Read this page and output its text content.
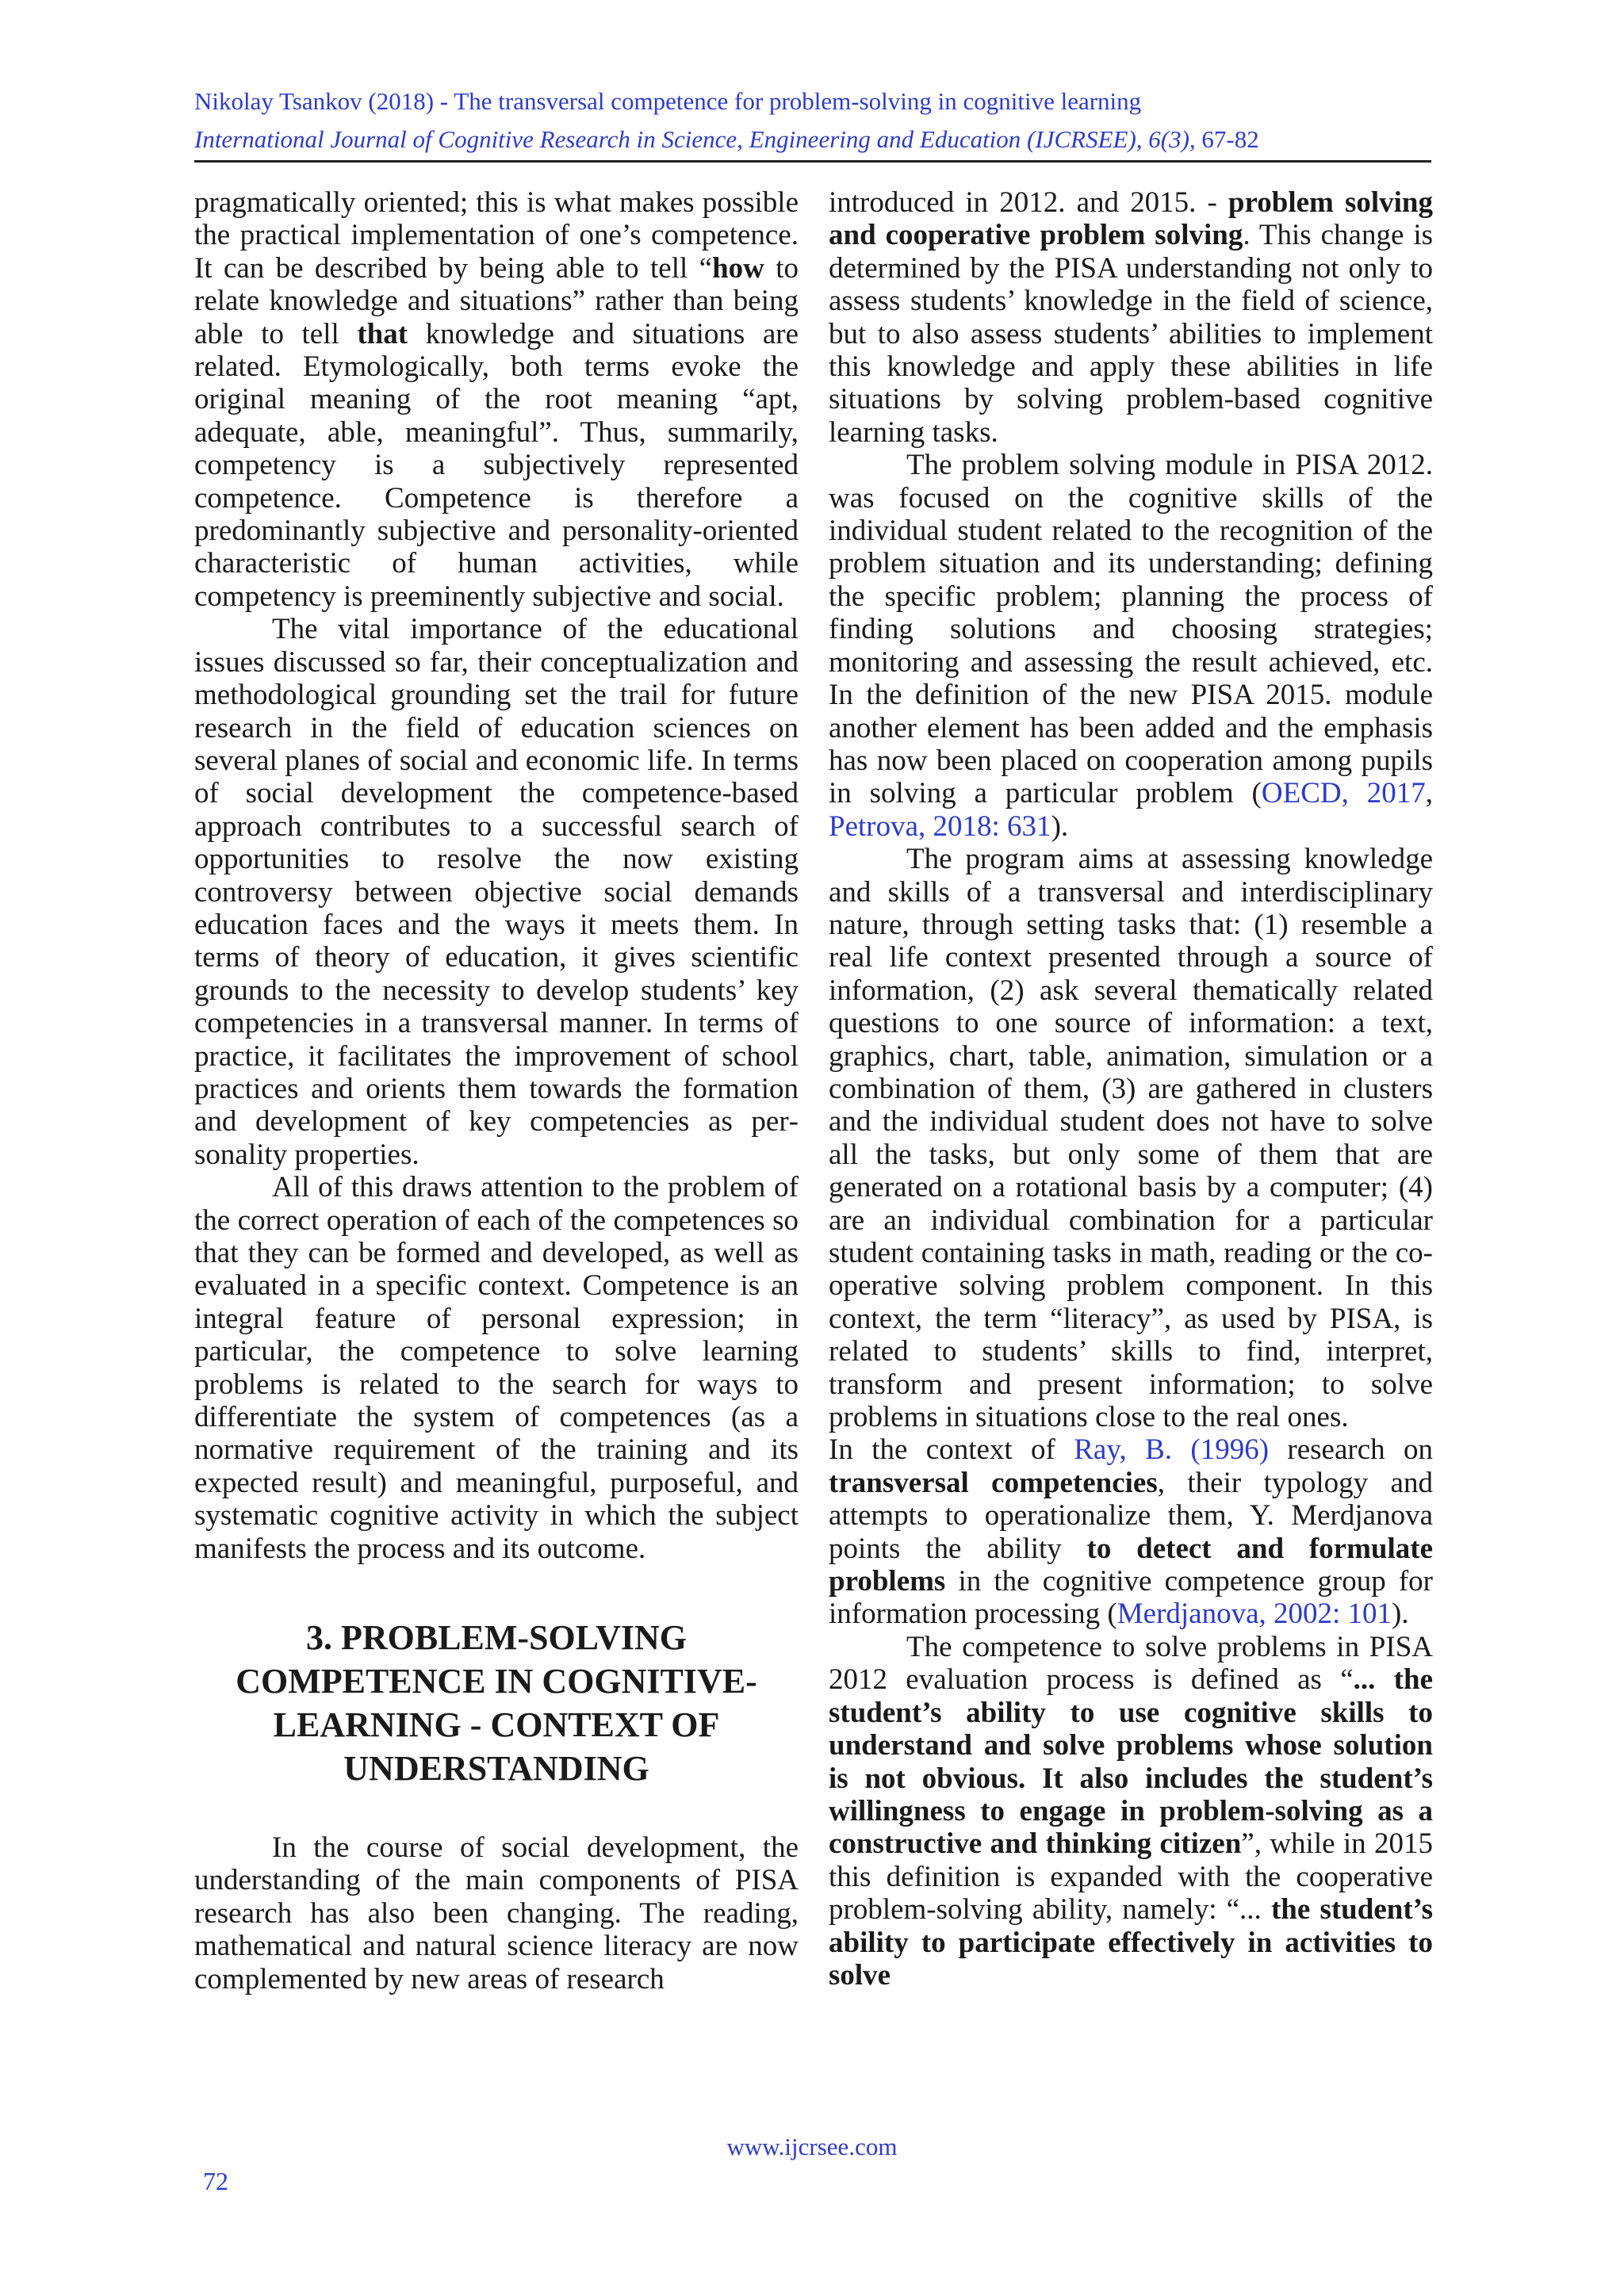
Nikolay Tsankov (2018) - The transversal competence for problem-solving in cognitive learning
International Journal of Cognitive Research in Science, Engineering and Education (IJCRSEE), 6(3), 67-82

pragmatically oriented; this is what makes possible the practical implementation of one’s competence. It can be described by being able to tell “how to relate knowledge and situations” rather than being able to tell that knowledge and situations are related. Etymologically, both terms evoke the original meaning of the root meaning “apt, adequate, able, meaningful”. Thus, summarily, competency is a subjectively represented competence. Competence is therefore a predominantly subjective and personality-oriented characteristic of human activities, while competency is preeminently subjective and social.

The vital importance of the educational issues discussed so far, their conceptualization and methodological grounding set the trail for future research in the field of education sciences on several planes of social and economic life. In terms of social development the competence-based approach contributes to a successful search of opportunities to resolve the now existing controversy between objective social demands education faces and the ways it meets them. In terms of theory of education, it gives scientific grounds to the necessity to develop students’ key competencies in a transversal manner. In terms of practice, it facilitates the improvement of school practices and orients them towards the formation and development of key competencies as personality properties.

All of this draws attention to the problem of the correct operation of each of the competences so that they can be formed and developed, as well as evaluated in a specific context. Competence is an integral feature of personal expression; in particular, the competence to solve learning problems is related to the search for ways to differentiate the system of competences (as a normative requirement of the training and its expected result) and meaningful, purposeful, and systematic cognitive activity in which the subject manifests the process and its outcome.

3. PROBLEM-SOLVING COMPETENCE IN COGNITIVE-LEARNING - CONTEXT OF UNDERSTANDING

In the course of social development, the understanding of the main components of PISA research has also been changing. The reading, mathematical and natural science literacy are now complemented by new areas of research

introduced in 2012. and 2015. - problem solving and cooperative problem solving. This change is determined by the PISA understanding not only to assess students’ knowledge in the field of science, but to also assess students’ abilities to implement this knowledge and apply these abilities in life situations by solving problem-based cognitive learning tasks.

The problem solving module in PISA 2012. was focused on the cognitive skills of the individual student related to the recognition of the problem situation and its understanding; defining the specific problem; planning the process of finding solutions and choosing strategies; monitoring and assessing the result achieved, etc. In the definition of the new PISA 2015. module another element has been added and the emphasis has now been placed on cooperation among pupils in solving a particular problem (OECD, 2017, Petrova, 2018: 631).

The program aims at assessing knowledge and skills of a transversal and interdisciplinary nature, through setting tasks that: (1) resemble a real life context presented through a source of information, (2) ask several thematically related questions to one source of information: a text, graphics, chart, table, animation, simulation or a combination of them, (3) are gathered in clusters and the individual student does not have to solve all the tasks, but only some of them that are generated on a rotational basis by a computer; (4) are an individual combination for a particular student containing tasks in math, reading or the cooperative solving problem component. In this context, the term “literacy”, as used by PISA, is related to students’ skills to find, interpret, transform and present information; to solve problems in situations close to the real ones.

In the context of Ray, B. (1996) research on transversal competencies, their typology and attempts to operationalize them, Y. Merdjanova points the ability to detect and formulate problems in the cognitive competence group for information processing (Merdjanova, 2002: 101).

The competence to solve problems in PISA 2012 evaluation process is defined as “... the student’s ability to use cognitive skills to understand and solve problems whose solution is not obvious. It also includes the student’s willingness to engage in problem-solving as a constructive and thinking citizen”, while in 2015 this definition is expanded with the cooperative problem-solving ability, namely: “... the student’s ability to participate effectively in activities to solve

www.ijcrsee.com
72
